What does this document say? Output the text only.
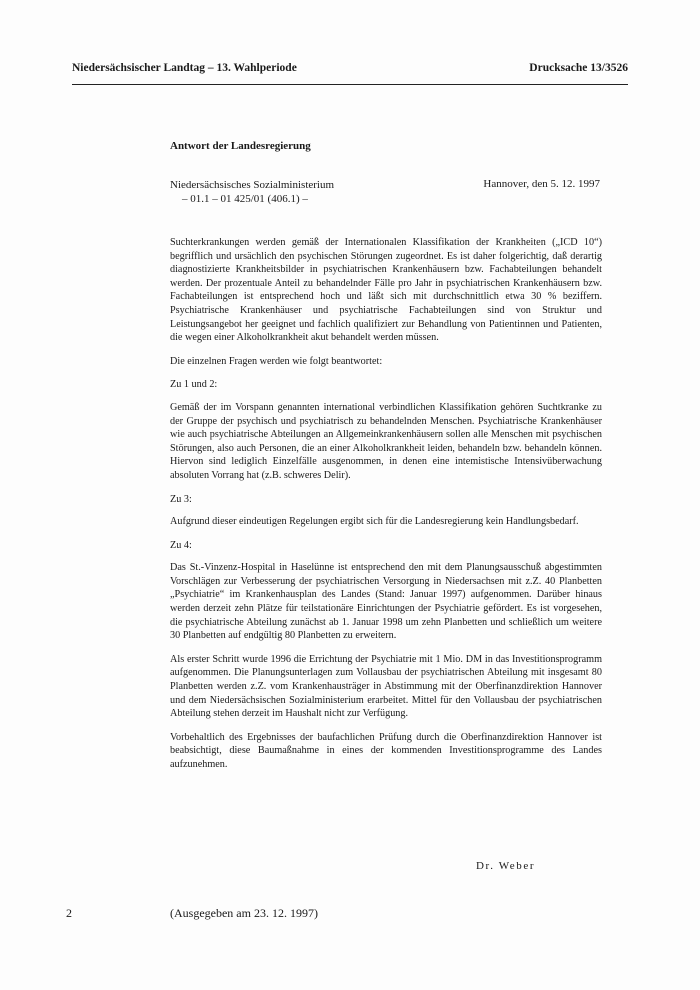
Niedersächsischer Landtag – 13. Wahlperiode	Drucksache 13/3526
Antwort der Landesregierung
Niedersächsisches Sozialministerium
– 01.1 – 01 425/01 (406.1) –
Hannover, den 5. 12. 1997

Suchterkrankungen werden gemäß der Internationalen Klassifikation der Krankheiten („ICD 10“) begrifflich und ursächlich den psychischen Störungen zugeordnet. Es ist daher folgerichtig, daß derartig diagnostizierte Krankheitsbilder in psychiatrischen Krankenhäusern bzw. Fachabteilungen behandelt werden. Der prozentuale Anteil zu behandelnder Fälle pro Jahr in psychiatrischen Krankenhäusern bzw. Fachabteilungen ist entsprechend hoch und läßt sich mit durchschnittlich etwa 30 % beziffern. Psychiatrische Krankenhäuser und psychiatrische Fachabteilungen sind von Struktur und Leistungsangebot her geeignet und fachlich qualifiziert zur Behandlung von Patientinnen und Patienten, die wegen einer Alkoholkrankheit akut behandelt werden müssen.

Die einzelnen Fragen werden wie folgt beantwortet:

Zu 1 und 2:

Gemäß der im Vorspann genannten international verbindlichen Klassifikation gehören Suchtkranke zu der Gruppe der psychisch und psychiatrisch zu behandelnden Menschen. Psychiatrische Krankenhäuser wie auch psychiatrische Abteilungen an Allgemeinkrankenhäusern sollen alle Menschen mit psychischen Störungen, also auch Personen, die an einer Alkoholkrankheit leiden, behandeln bzw. behandeln können. Hiervon sind lediglich Einzelfälle ausgenommen, in denen eine intemistische Intensivüberwachung absoluten Vorrang hat (z.B. schweres Delir).

Zu 3:

Aufgrund dieser eindeutigen Regelungen ergibt sich für die Landesregierung kein Handlungsbedarf.

Zu 4:

Das St.-Vinzenz-Hospital in Haselünne ist entsprechend den mit dem Planungsausschuß abgestimmten Vorschlägen zur Verbesserung der psychiatrischen Versorgung in Niedersachsen mit z.Z. 40 Planbetten „Psychiatrie“ im Krankenhausplan des Landes (Stand: Januar 1997) aufgenommen. Darüber hinaus werden derzeit zehn Plätze für teilstationäre Einrichtungen der Psychiatrie gefördert. Es ist vorgesehen, die psychiatrische Abteilung zunächst ab 1. Januar 1998 um zehn Planbetten und schließlich um weitere 30 Planbetten auf endgültig 80 Planbetten zu erweitern.

Als erster Schritt wurde 1996 die Errichtung der Psychiatrie mit 1 Mio. DM in das Investitionsprogramm aufgenommen. Die Planungsunterlagen zum Vollausbau der psychiatrischen Abteilung mit insgesamt 80 Planbetten werden z.Z. vom Krankenhausträger in Abstimmung mit der Oberfinanzdirektion Hannover und dem Niedersächsischen Sozialministerium erarbeitet. Mittel für den Vollausbau der psychiatrischen Abteilung stehen derzeit im Haushalt nicht zur Verfügung.

Vorbehaltlich des Ergebnisses der baufachlichen Prüfung durch die Oberfinanzdirektion Hannover ist beabsichtigt, diese Baumaßnahme in eines der kommenden Investitionsprogramme des Landes aufzunehmen.

Dr. Weber
2	(Ausgegeben am 23. 12. 1997)
